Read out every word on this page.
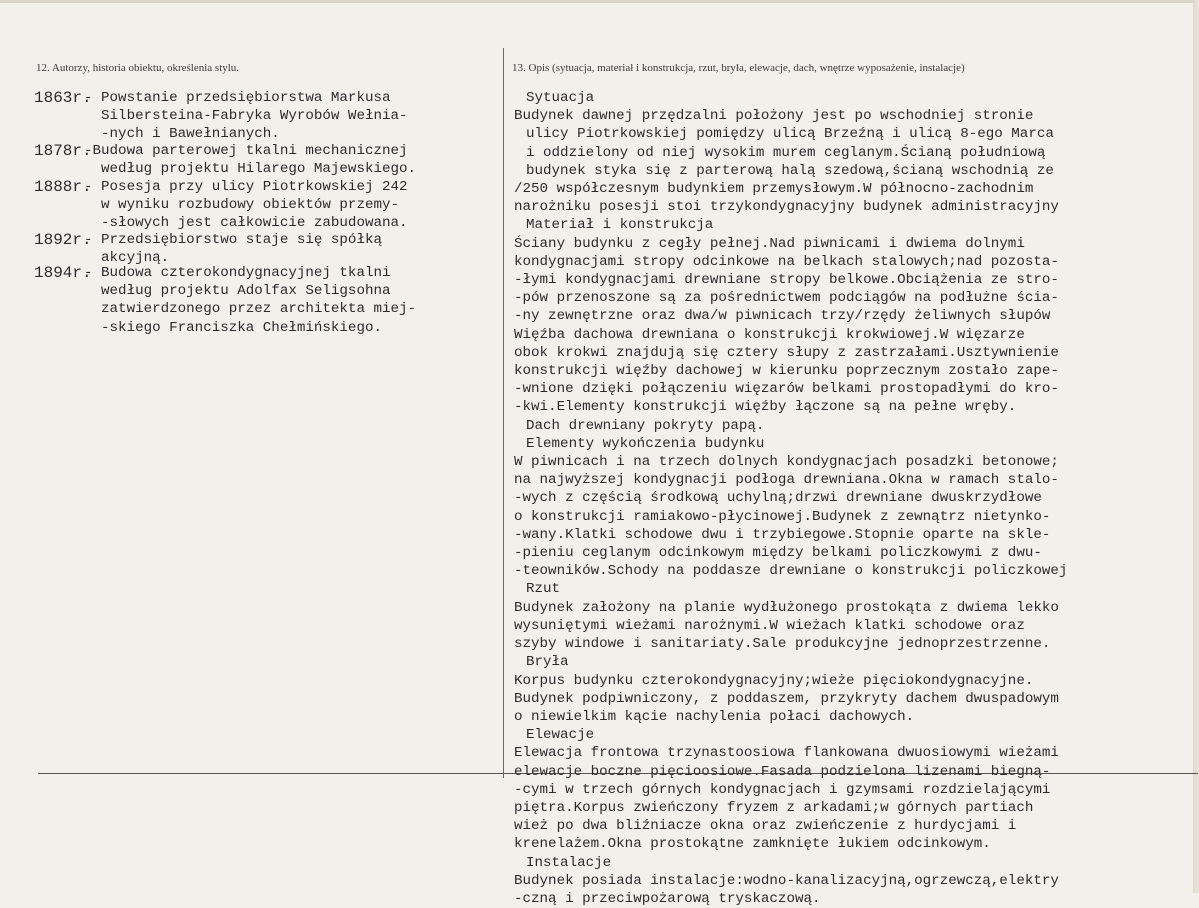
12. Autorzy, historia obiektu, określenia stylu.	13. Opis (sytuacja, materiał i konstrukcja, rzut, bryła, elewacje, dach, wnętrze wyposażenie, instalacje)
1863r.
- Powstanie przedsiębiorstwa Markusa
Silbersteina-Fabryka Wyrobów Wełnia-
-nych i Bawełnianych.
1878r.
-Budowa parterowej tkalni mechanicznej
według projektu Hilarego Majewskiego.
1888r.
- Posesja przy ulicy Piotrkowskiej 242
w wyniku rozbudowy obiektów przemy-
-słowych jest całkowicie zabudowana.
1892r.
- Przedsiębiorstwo staje się spółką
akcyjną.
1894r.
- Budowa czterokondygnacyjnej tkalni
według projektu Adolfax Seligsohna
zatwierdzonego przez architekta miej-
-skiego Franciszka Chełmińskiego.
Sytuacja
Budynek dawnej przędzalni położony jest po wschodniej stronie
ulicy Piotrkowskiej pomiędzy ulicą Brzeźną i ulicą 8-ego Marca
i oddzielony od niej wysokim murem ceglanym.Ścianą południową
budynek styka się z parterową halą szedową,ścianą wschodnią ze
/250 współczesnym budynkiem przemysłowym.W północno-zachodnim
narożniku posesji stoi trzykondygnacyjny budynek administracyjny
Materiał i konstrukcja
Ściany budynku z cegły pełnej.Nad piwnicami i dwiema dolnymi
kondygnacjami stropy odcinkowe na belkach stalowych;nad pozosta-
-łymi kondygnacjami drewniane stropy belkowe.Obciążenia ze stro-
-pów przenoszone są za pośrednictwem podciągów na podłużne ścia-
-ny zewnętrzne oraz dwa/w piwnicach trzy/rzędy żeliwnych słupów
Więźba dachowa drewniana o konstrukcji krokwiowej.W więzarze
obok krokwi znajdują się cztery słupy z zastrzałami.Usztywnienie
konstrukcji więźby dachowej w kierunku poprzecznym zostało zape-
-wnione dzięki połączeniu więzarów belkami prostopadłymi do kro-
-kwi.Elementy konstrukcji więźby łączone są na pełne wręby.
Dach drewniany pokryty papą.
Elementy wykończenia budynku
W piwnicach i na trzech dolnych kondygnacjach posadzki betonowe;
na najwyższej kondygnacji podłoga drewniana.Okna w ramach stalo-
-wych z częścią środkową uchylną;drzwi drewniane dwuskrzydłowe
o konstrukcji ramiakowo-płycinowej.Budynek z zewnątrz nietynko-
-wany.Klatki schodowe dwu i trzybiegowe.Stopnie oparte na skle-
-pieniu ceglanym odcinkowym między belkami policzkowymi z dwu-
-teowników.Schody na poddasze drewniane o konstrukcji policzkowej
Rzut
Budynek założony na planie wydłużonego prostokąta z dwiema lekko
wysuniętymi wieżami narożnymi.W wieżach klatki schodowe oraz
szyby windowe i sanitariaty.Sale produkcyjne jednoprzestrzenne.
Bryła
Korpus budynku czterokondygnacyjny;wieże pięciokondygnacyjne.
Budynek podpiwniczony, z poddaszem, przykryty dachem dwuspadowym
o niewielkim kącie nachylenia połaci dachowych.
Elewacje
Elewacja frontowa trzynastoosiowa flankowana dwuosiowymi wieżami
elewacje boczne pięcioosiowe.Fasada podzielona lizenami biegną-
-cymi w trzech górnych kondygnacjach i gzymsami rozdzielającymi
piętra.Korpus zwieńczony fryzem z arkadami;w górnych partiach
wież po dwa bliźniacze okna oraz zwieńczenie z hurdycjami i
krenelażem.Okna prostokątne zamknięte łukiem odcinkowym.
Instalacje
Budynek posiada instalacje:wodno-kanalizacyjną,ogrzewczą,elektry
-czną i przeciwpożarową tryskaczową.
